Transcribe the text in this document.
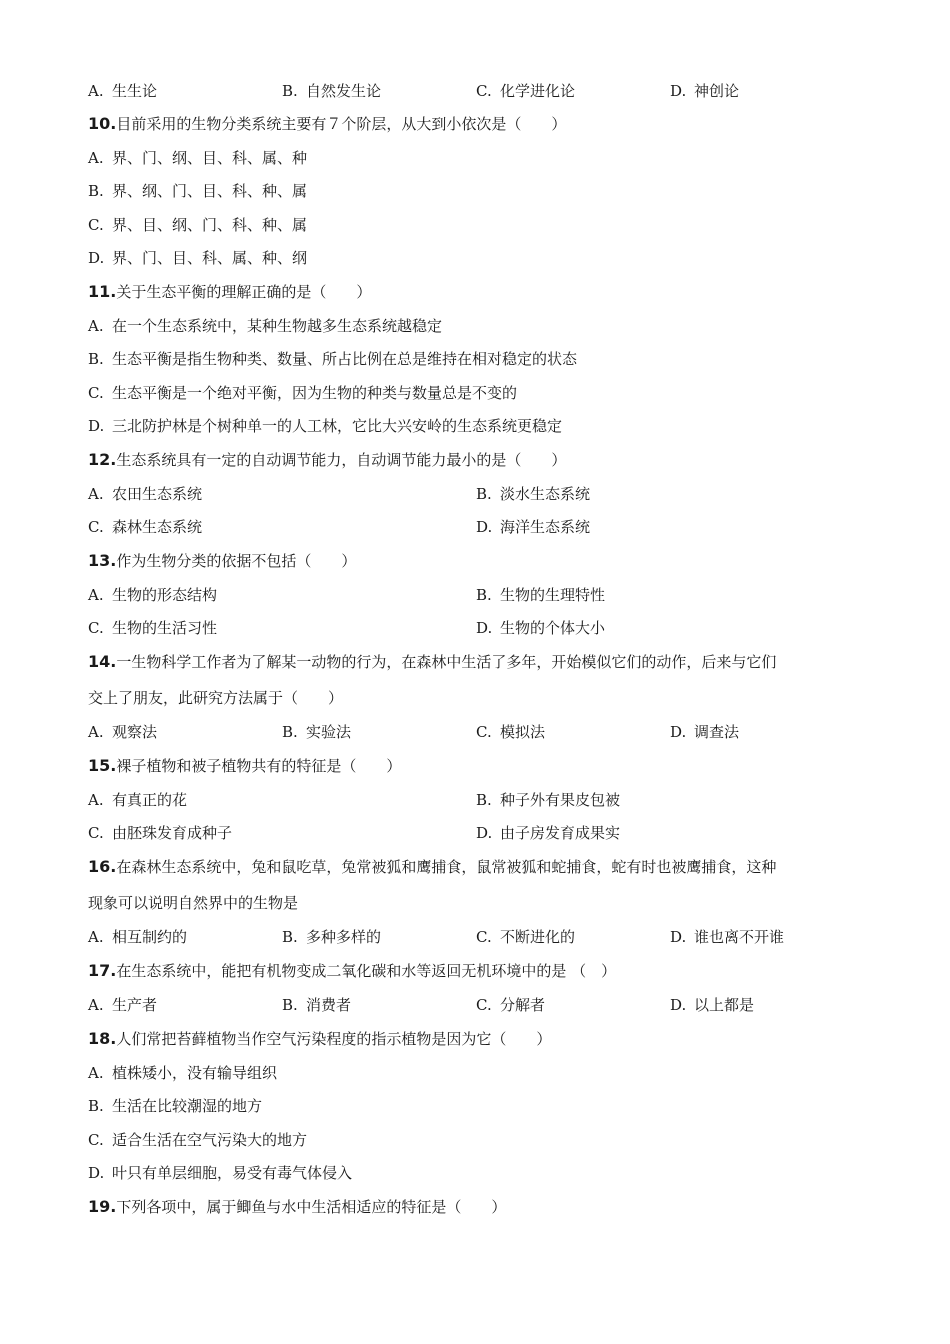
A. 生生论	B. 自然发生论	C. 化学进化论	D. 神创论
10.目前采用的生物分类系统主要有７个阶层，从大到小依次是（　　）
A. 界、门、纲、目、科、属、种
B. 界、纲、门、目、科、种、属
C. 界、目、纲、门、科、种、属
D. 界、门、目、科、属、种、纲
11.关于生态平衡的理解正确的是（　　）
A. 在一个生态系统中，某种生物越多生态系统越稳定
B. 生态平衡是指生物种类、数量、所占比例在总是维持在相对稳定的状态
C. 生态平衡是一个绝对平衡，因为生物的种类与数量总是不变的
D. 三北防护林是个树种单一的人工林，它比大兴安岭的生态系统更稳定
12.生态系统具有一定的自动调节能力，自动调节能力最小的是（　　）
A. 农田生态系统	B. 淡水生态系统
C. 森林生态系统	D. 海洋生态系统
13.作为生物分类的依据不包括（　　）
A. 生物的形态结构	B. 生物的生理特性
C. 生物的生活习性	D. 生物的个体大小
14.一生物科学工作者为了解某一动物的行为，在森林中生活了多年，开始模似它们的动作，后来与它们
交上了朋友，此研究方法属于（　　）
A. 观察法	B. 实验法	C. 模拟法	D. 调查法
15.裸子植物和被子植物共有的特征是（　　）
A. 有真正的花	B. 种子外有果皮包被
C. 由胚珠发育成种子	D. 由子房发育成果实
16.在森林生态系统中，兔和鼠吃草，兔常被狐和鹰捕食，鼠常被狐和蛇捕食，蛇有时也被鹰捕食，这种
现象可以说明自然界中的生物是
A. 相互制约的	B. 多种多样的	C. 不断进化的	D. 谁也离不开谁
17.在生态系统中，能把有机物变成二氧化碳和水等返回无机环境中的是 （　）
A. 生产者	B. 消费者	C. 分解者	D. 以上都是
18.人们常把苔藓植物当作空气污染程度的指示植物是因为它（　　）
A. 植株矮小，没有输导组织
B. 生活在比较潮湿的地方
C. 适合生活在空气污染大的地方
D. 叶只有单层细胞，易受有毒气体侵入
19.下列各项中，属于鲫鱼与水中生活相适应的特征是（　　）
